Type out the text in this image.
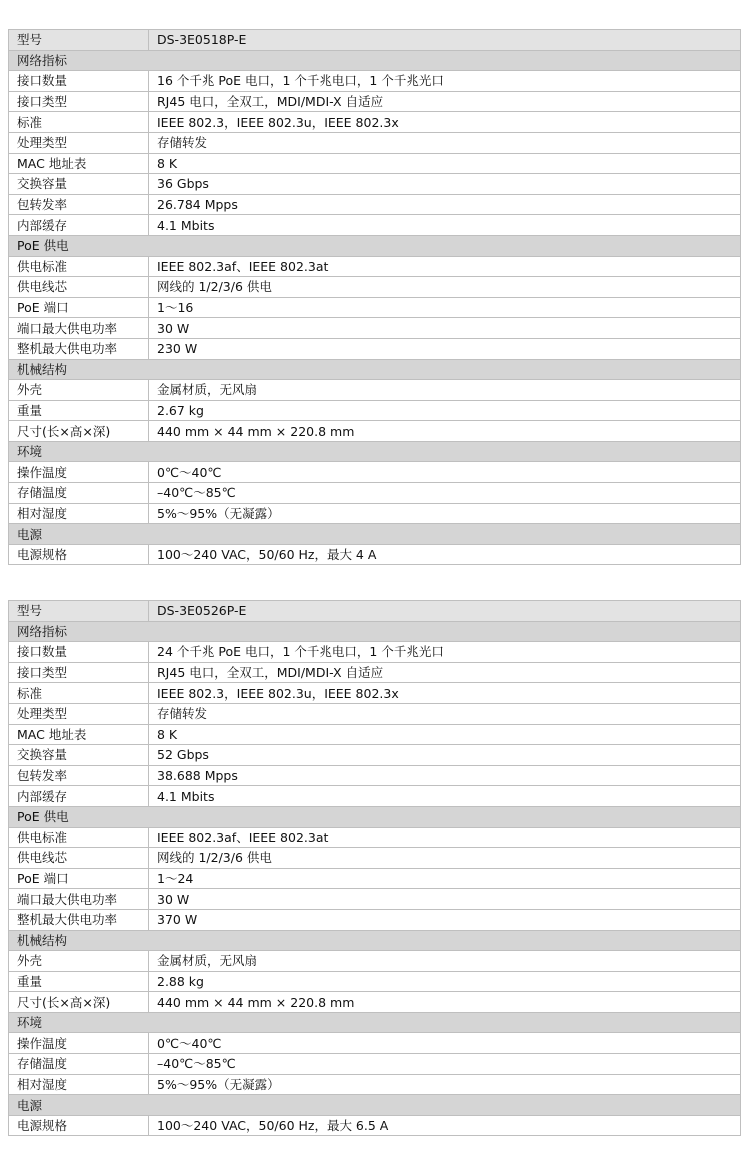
型号	DS-3E0518P-E
网络指标	
接口数量	16 个千兆 PoE 电口，1 个千兆电口，1 个千兆光口
接口类型	RJ45 电口，全双工，MDI/MDI-X 自适应
标准	IEEE 802.3，IEEE 802.3u，IEEE 802.3x
处理类型	存储转发
MAC 地址表	8 K
交换容量	36 Gbps
包转发率	26.784 Mpps
内部缓存	4.1 Mbits
PoE 供电	
供电标准	IEEE 802.3af、IEEE 802.3at
供电线芯	网线的 1/2/3/6 供电
PoE 端口	1～16
端口最大供电功率	30 W
整机最大供电功率	230 W
机械结构	
外壳	金属材质，无风扇
重量	2.67 kg
尺寸(长×高×深)	440 mm × 44 mm × 220.8 mm
环境	
操作温度	0℃～40℃
存储温度	–40℃～85℃
相对湿度	5%～95%（无凝露）
电源	
电源规格	100～240 VAC，50/60 Hz，最大 4 A
型号	DS-3E0526P-E
网络指标	
接口数量	24 个千兆 PoE 电口，1 个千兆电口，1 个千兆光口
接口类型	RJ45 电口，全双工，MDI/MDI-X 自适应
标准	IEEE 802.3，IEEE 802.3u，IEEE 802.3x
处理类型	存储转发
MAC 地址表	8 K
交换容量	52 Gbps
包转发率	38.688 Mpps
内部缓存	4.1 Mbits
PoE 供电	
供电标准	IEEE 802.3af、IEEE 802.3at
供电线芯	网线的 1/2/3/6 供电
PoE 端口	1～24
端口最大供电功率	30 W
整机最大供电功率	370 W
机械结构	
外壳	金属材质，无风扇
重量	2.88 kg
尺寸(长×高×深)	440 mm × 44 mm × 220.8 mm
环境	
操作温度	0℃～40℃
存储温度	–40℃～85℃
相对湿度	5%～95%（无凝露）
电源	
电源规格	100～240 VAC，50/60 Hz，最大 6.5 A
